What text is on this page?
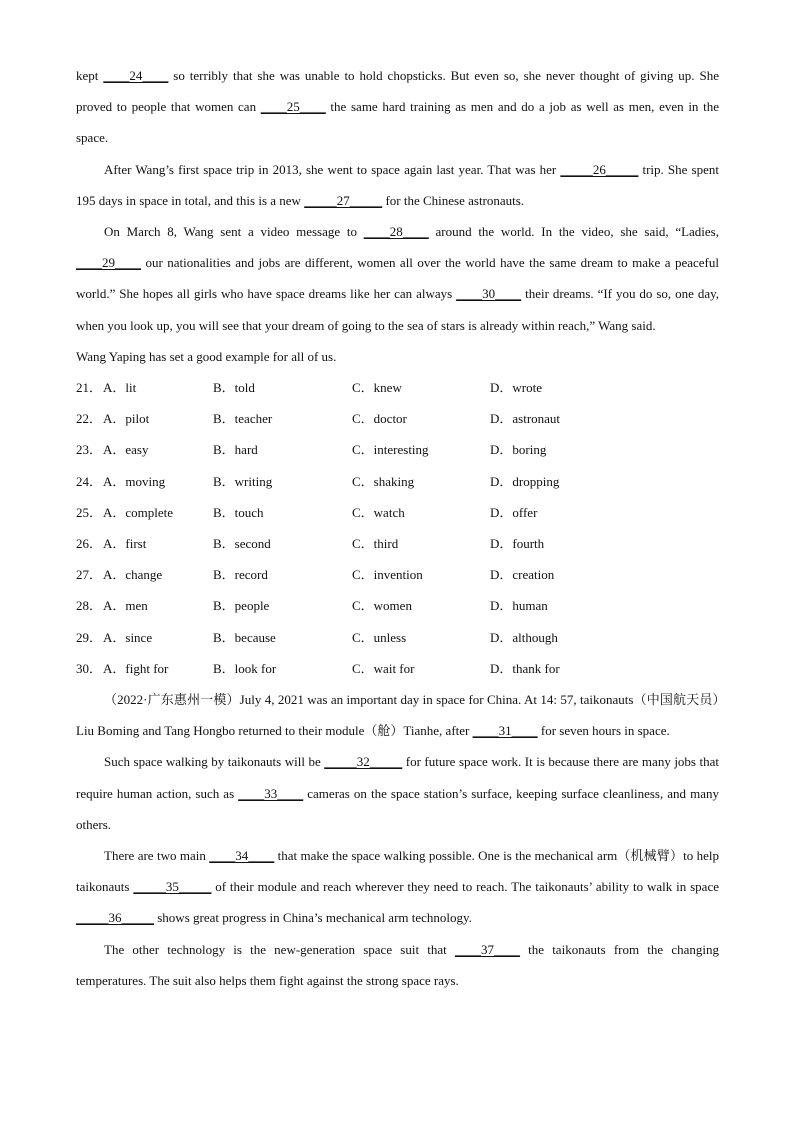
kept ____24____ so terribly that she was unable to hold chopsticks. But even so, she never thought of giving up. She proved to people that women can ____25____ the same hard training as men and do a job as well as men, even in the space.

After Wang’s first space trip in 2013, she went to space again last year. That was her _____26_____ trip. She spent 195 days in space in total, and this is a new _____27_____ for the Chinese astronauts.

On March 8, Wang sent a video message to ____28____ around the world. In the video, she said, “Ladies, ____29____ our nationalities and jobs are different, women all over the world have the same dream to make a peaceful world.” She hopes all girls who have space dreams like her can always ____30____ their dreams. “If you do so, one day, when you look up, you will see that your dream of going to the sea of stars is already within reach,” Wang said.

Wang Yaping has set a good example for all of us.

21． A．lit	B．told	C．knew	D．wrote
22． A．pilot	B．teacher	C．doctor	D．astronaut
23． A．easy	B．hard	C．interesting	D．boring
24． A．moving	B．writing	C．shaking	D．dropping
25． A．complete	B．touch	C．watch	D．offer
26． A．first	B．second	C．third	D．fourth
27． A．change	B．record	C．invention	D．creation
28． A．men	B．people	C．women	D．human
29． A．since	B．because	C．unless	D．although
30． A．fight for	B．look for	C．wait for	D．thank for

（2022·广东惠州一模）July 4, 2021 was an important day in space for China. At 14: 57, taikonauts（中国航天员）Liu Boming and Tang Hongbo returned to their module（舱）Tianhe, after ____31____ for seven hours in space.

Such space walking by taikonauts will be _____32_____ for future space work. It is because there are many jobs that require human action, such as ____33____ cameras on the space station’s surface, keeping surface cleanliness, and many others.

There are two main ____34____ that make the space walking possible. One is the mechanical arm（机械臂）to help taikonauts _____35_____ of their module and reach wherever they need to reach. The taikonauts’ ability to walk in space _____36_____ shows great progress in China’s mechanical arm technology.

The other technology is the new-generation space suit that ____37____ the taikonauts from the changing temperatures. The suit also helps them fight against the strong space rays.
